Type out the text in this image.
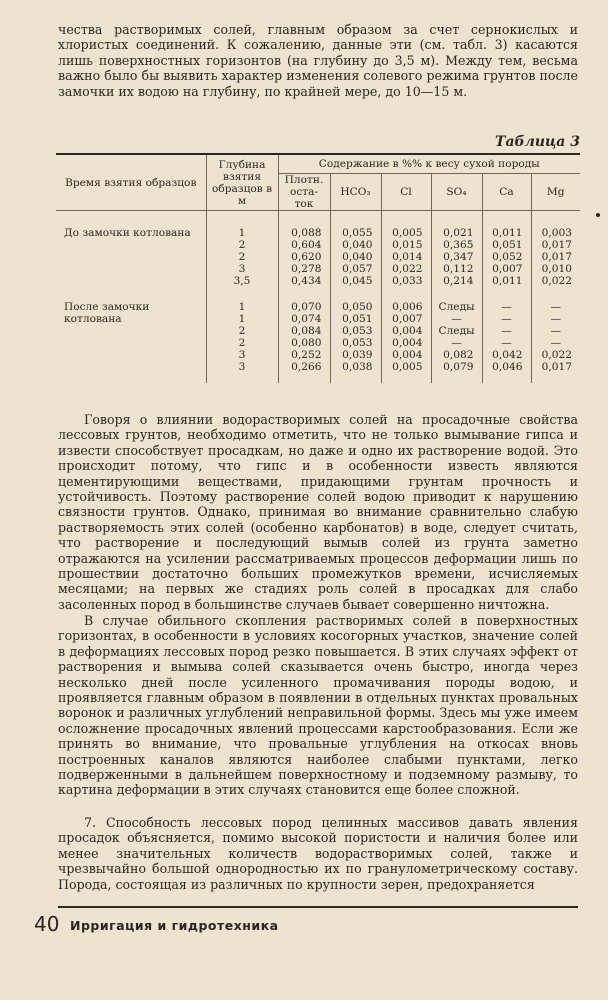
чества растворимых солей, главным образом за счет сернокислых и хлористых соединений. К сожалению, данные эти (см. табл. 3) касаются лишь поверхностных горизонтов (на глубину до 3,5 м). Между тем, весьма важно было бы выявить характер изменения солевого режима грунтов после замочки их водою на глубину, по крайней мере, до 10—15 м.

Таблица 3
Время взятия образцов	Глубина взятия образцов в м	Содержание в %% к весу сухой породы					
		Плотн. оста-ток	HCO₃	Cl	SO₄	Ca	Mg

До замочки котлована	1	0,088	0,055	0,005	0,021	0,011	0,003
	2	0,604	0,040	0,015	0,365	0,051	0,017
	2	0,620	0,040	0,014	0,347	0,052	0,017
	3	0,278	0,057	0,022	0,112	0,007	0,010
	3,5	0,434	0,045	0,033	0,214	0,011	0,022

После замочки котлована	1	0,070	0,050	0,006	Следы	—	—
	1	0,074	0,051	0,007	—	—	—
	2	0,084	0,053	0,004	Следы	—	—
	2	0,080	0,053	0,004	—	—	—
	3	0,252	0,039	0,004	0,082	0,042	0,022
	3	0,266	0,038	0,005	0,079	0,046	0,017

Говоря о влиянии водорастворимых солей на просадочные свойства лессовых грунтов, необходимо отметить, что не только вымывание гипса и извести способствует просадкам, но даже и одно их растворение водой. Это происходит потому, что гипс и в особенности известь являются цементирующими веществами, придающими грунтам прочность и устойчивость. Поэтому растворение солей водою приводит к нарушению связности грунтов. Однако, принимая во внимание сравнительно слабую растворяемость этих солей (особенно карбонатов) в воде, следует считать, что растворение и последующий вымыв солей из грунта заметно отражаются на усилении рассматриваемых процессов деформации лишь по прошествии достаточно больших промежутков времени, исчисляемых месяцами; на первых же стадиях роль солей в просадках для слабо засоленных пород в большинстве случаев бывает совершенно ничтожна.

В случае обильного скопления растворимых солей в поверхностных горизонтах, в особенности в условиях косогорных участков, значение солей в деформациях лессовых пород резко повышается. В этих случаях эффект от растворения и вымыва солей сказывается очень быстро, иногда через несколько дней после усиленного промачивания породы водою, и проявляется главным образом в появлении в отдельных пунктах провальных воронок и различных углублений неправильной формы. Здесь мы уже имеем осложнение просадочных явлений процессами карстообразования. Если же принять во внимание, что провальные углубления на откосах вновь построенных каналов являются наиболее слабыми пунктами, легко подверженными в дальнейшем поверхностному и подземному размыву, то картина деформации в этих случаях становится еще более сложной.

7. Способность лессовых пород целинных массивов давать явления просадок объясняется, помимо высокой пористости и наличия более или менее значительных количеств водорастворимых солей, также и чрезвычайно большой однородностью их по гранулометрическому составу. Порода, состоящая из различных по крупности зерен, предохраняется

40 Ирригация и гидротехника
